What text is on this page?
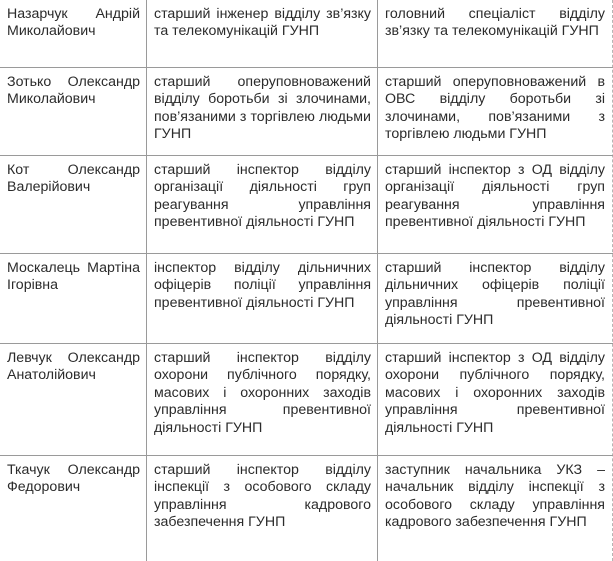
Назарчук Андрій Миколайович
старший інженер відділу зв’язку та телекомунікацій ГУНП
головний спеціаліст відділу зв’язку та телекомунікацій ГУНП
Зотько Олександр Миколайович
старший оперуповноважений відділу боротьби зі злочинами, пов’язаними з торгівлею людьми ГУНП
старший оперуповноважений в ОВС відділу боротьби зі злочинами, пов’язаними з торгівлею людьми ГУНП
Кот Олександр Валерійович
старший інспектор відділу організації діяльності груп реагування управління превентивної діяльності ГУНП
старший інспектор з ОД відділу організації діяльності груп реагування управління превентивної діяльності ГУНП
Москалець Мартіна Ігорівна
інспектор відділу дільничних офіцерів поліції управління превентивної діяльності ГУНП
старший інспектор відділу дільничних офіцерів поліції управління превентивної діяльності ГУНП
Левчук Олександр Анатолійович
старший інспектор відділу охорони публічного порядку, масових і охоронних заходів управління превентивної діяльності ГУНП
старший інспектор з ОД відділу охорони публічного порядку, масових і охоронних заходів управління превентивної діяльності ГУНП
Ткачук Олександр Федорович
старший інспектор відділу інспекції з особового складу управління кадрового забезпечення ГУНП
заступник начальника УКЗ – начальник відділу інспекції з особового складу управління кадрового забезпечення ГУНП
